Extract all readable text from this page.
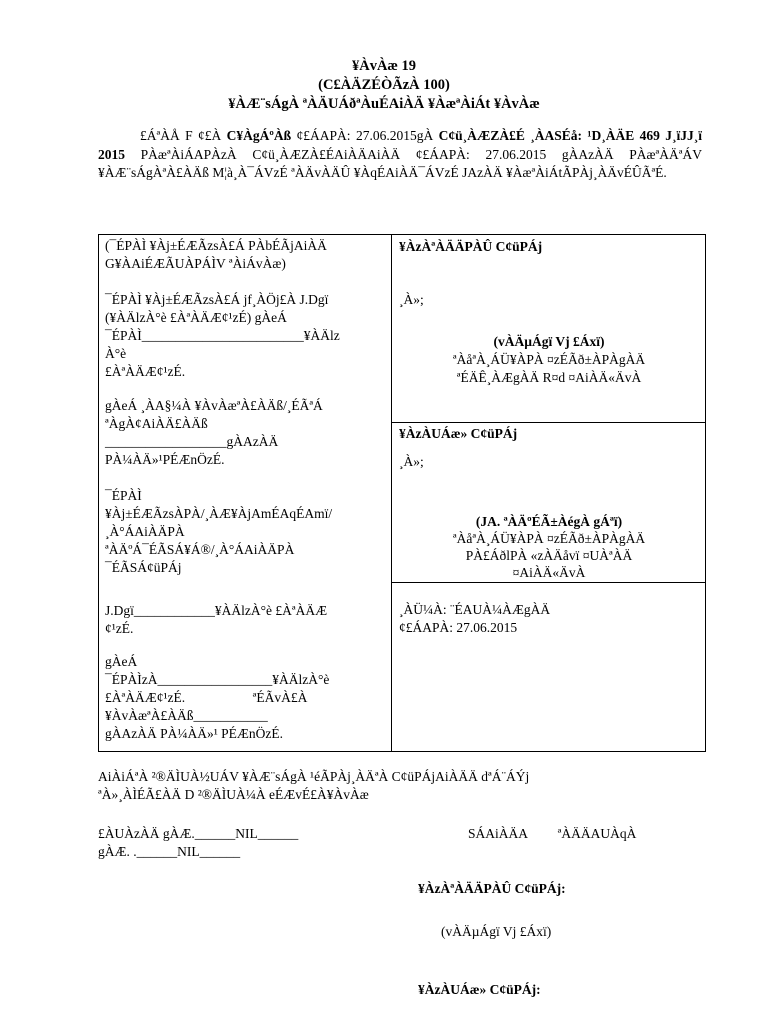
¥ÀvÀæ 19
(C£ÀÄZÉÒÃzÀ 100)
¥ÀÆ¨sÁgÀ ªÀÄUÁðªÀuÉAiÀÄ ¥ÀæªÀiÁt ¥ÀvÀæ
£ÁªÀÅ F ¢£À C¥ÀgÁºÀß ¢£ÁAPÀ: 27.06.2015gÀ C¢ü¸ÀÆZÀ£É ¸ÀASÉå: ¹D¸ÀÄE 469 J¸ïJJ¸ï 2015 PÀæªÀiÁAPÀzÀ C¢ü¸ÀÆZÀ£ÉAiÀÄAiÀÄ ¢£ÁAPÀ: 27.06.2015 gÀAzÀÄ PÀæªÀÄªÁV ¥ÀÆ¨sÁgÀªÀ£ÀÄß M¦à¸À¯ÁVzÉ ªÀÄvÀÄÛ ¥ÀqÉAiÀÄ¯ÁVzÉ JAzÀÄ ¥ÀæªÀiÁtÃPÀj¸ÀÄvÉÛÃªÉ.
(¯ÉPÀÌ ¥Àj±ÉÆÃzsÀ£Á PÀbÉÃjAiÀÄ
G¥ÀAiÉÆÃUÀPÁÌV ªÀiÁvÀæ)
¯ÉPÀÌ ¥Àj±ÉÆÃzsÀ£Á jf¸ÀÖj£À J.Dgï
(¥ÀÄlzÀ°è £ÀªÀÄÆ¢¹zÉ) gÀeÁ
¯ÉPÀÌ________________________¥ÀÄlz
À°è
£ÀªÀÄÆ¢¹zÉ.
gÀeÁ ¸ÀA§¼À ¥ÀvÀæªÀ£ÀÄß/¸ÉÃªÁ
ªÀgÀ¢AiÀÄ£ÀÄß
__________________gÀAzÀÄ
PÀ¼ÀÄ»¹PÉÆnÖzÉ.
¯ÉPÀÌ
¥Àj±ÉÆÃzsÀPÀ/¸ÀÆ¥ÀjAmÉAqÉAmï/
¸À°ÁAiÀÄPÀ
ªÀÄºÁ¯ÉÃSÁ¥Á®/¸À°ÁAiÀÄPÀ
¯ÉÃSÁ¢üPÁj
J.Dgï____________¥ÀÄlzÀ°è £ÀªÀÄÆ
¢¹zÉ.
gÀeÁ
¯ÉPÀÌzÀ_________________¥ÀÄlzÀ°è
£ÀªÀÄÆ¢¹zÉ.                    ªÉÃvÀ£À
¥ÀvÀæªÀ£ÀÄß___________
gÀAzÀÄ PÀ¼ÀÄ»¹ PÉÆnÖzÉ.
¥ÀzÀªÀÄÄPÀÛ C¢üPÁj
¸À»;
(vÀÄµÁgï Vj £Áxï)
ªÀåªÀ¸ÁÜ¥ÀPÀ ¤zÉÃð±ÀPÀgÀÄ
ªÉÄÊ¸ÀÆgÀÄ R¤d ¤AiÀÄ«ÄvÀ
¥ÀzÀUÁæ» C¢üPÁj
¸À»;
(JA. ªÀÄºÉÃ±ÀégÀ gÁªï)
ªÀåªÀ¸ÁÜ¥ÀPÀ ¤zÉÃð±ÀPÀgÀÄ
PÀ£ÁðlPÀ «zÀÄåvï ¤UÀªÀÄ
¤AiÀÄ«ÄvÀ
¸ÀÜ¼À: ¨ÉAUÀ¼ÀÆgÀÄ
¢£ÁAPÀ: 27.06.2015
AiÀiÁªÀ ²®ÄÌUÀ½UÁV ¥ÀÆ¨sÁgÀ ¹éÃPÀj¸ÀÄªÀ C¢üPÁjAiÀÄÄ dªÁ¨ÁÝj
ªÀ»¸ÀÌÉÃ£ÀÄ D ²®ÄÌUÀ¼À eÉÆvÉ£À¥ÀvÀæ
£ÀUÀzÀÄ gÀÆ.______NIL______	SÁAiÀÄA         ªÀÄÄAUÀqÀ
gÀÆ. .______NIL______
¥ÀzÀªÀÄÄPÀÛ C¢üPÁj:
(vÀÄµÁgï Vj £Áxï)
¥ÀzÀUÁæ» C¢üPÁj:
